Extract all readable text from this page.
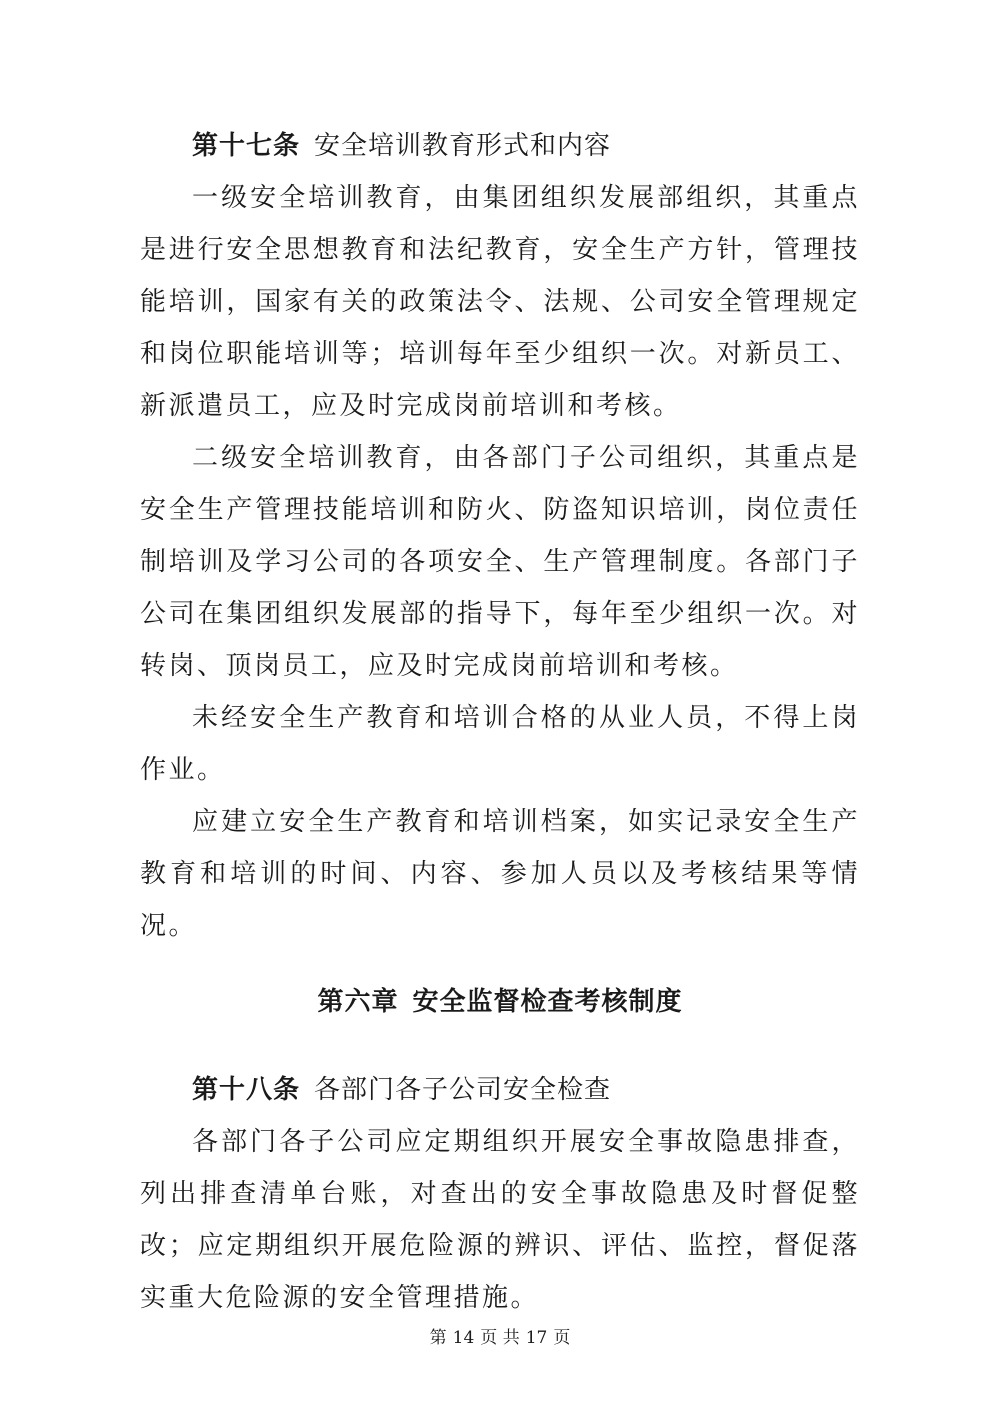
第十七条 安全培训教育形式和内容

一级安全培训教育，由集团组织发展部组织，其重点是进行安全思想教育和法纪教育，安全生产方针，管理技能培训，国家有关的政策法令、法规、公司安全管理规定和岗位职能培训等；培训每年至少组织一次。对新员工、新派遣员工，应及时完成岗前培训和考核。

二级安全培训教育，由各部门子公司组织，其重点是安全生产管理技能培训和防火、防盗知识培训，岗位责任制培训及学习公司的各项安全、生产管理制度。各部门子公司在集团组织发展部的指导下，每年至少组织一次。对转岗、顶岗员工，应及时完成岗前培训和考核。

未经安全生产教育和培训合格的从业人员，不得上岗作业。

应建立安全生产教育和培训档案，如实记录安全生产教育和培训的时间、内容、参加人员以及考核结果等情况。

第六章 安全监督检查考核制度

第十八条 各部门各子公司安全检查

各部门各子公司应定期组织开展安全事故隐患排查，列出排查清单台账，对查出的安全事故隐患及时督促整改；应定期组织开展危险源的辨识、评估、监控，督促落实重大危险源的安全管理措施。

第 14 页 共 17 页
